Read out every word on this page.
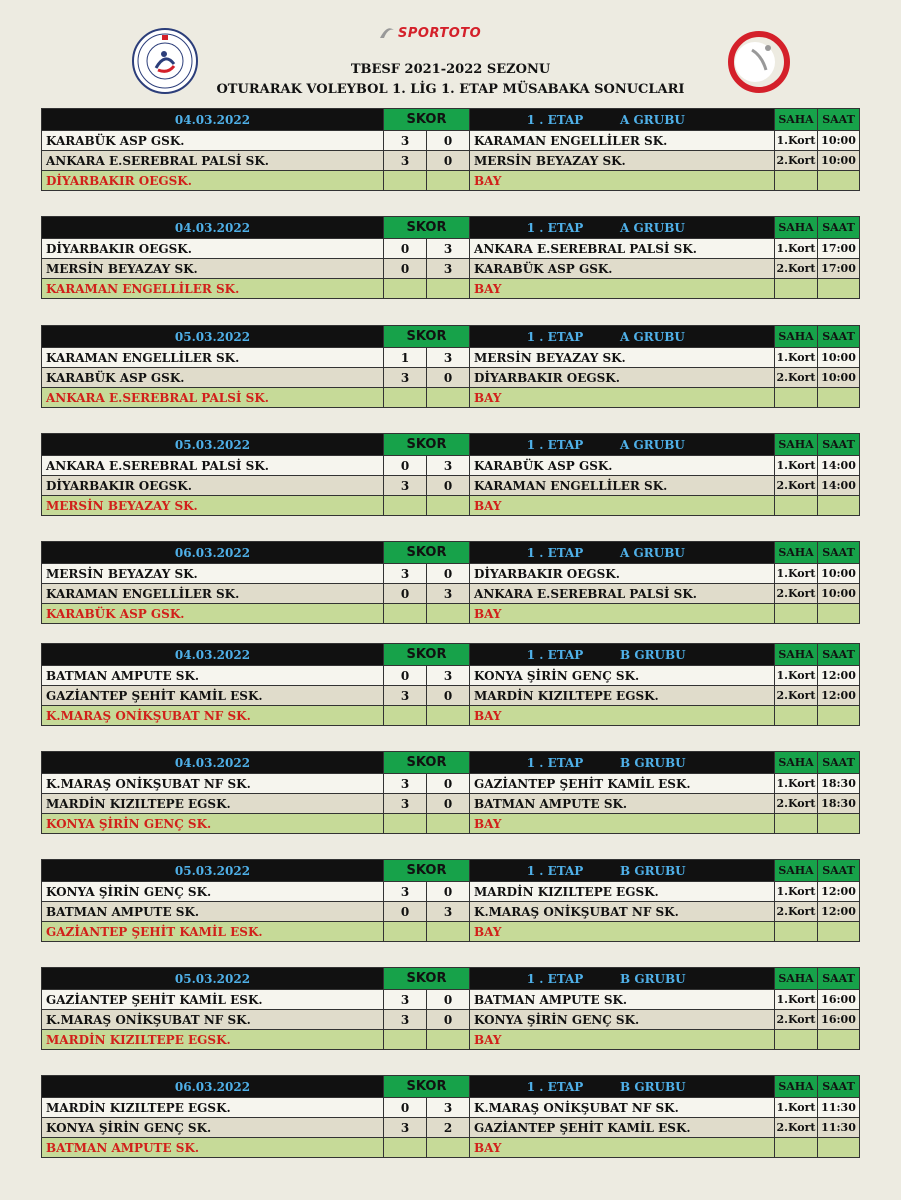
SPORTOTO
TBESF 2021-2022 SEZONU
OTURARAK VOLEYBOL 1. LİG 1. ETAP MÜSABAKA SONUCLARI
04.03.2022	SKOR		1 . ETAP A GRUBU	SAHA	SAAT
KARABÜK ASP GSK.	3	0	KARAMAN ENGELLİLER SK.	1.Kort	10:00
ANKARA E.SEREBRAL PALSİ SK.	3	0	MERSİN BEYAZAY SK.	2.Kort	10:00
DİYARBAKIR OEGSK.			BAY		
04.03.2022	SKOR		1 . ETAP A GRUBU	SAHA	SAAT
DİYARBAKIR OEGSK.	0	3	ANKARA E.SEREBRAL PALSİ SK.	1.Kort	17:00
MERSİN BEYAZAY SK.	0	3	KARABÜK ASP GSK.	2.Kort	17:00
KARAMAN ENGELLİLER SK.			BAY		
05.03.2022	SKOR		1 . ETAP A GRUBU	SAHA	SAAT
KARAMAN ENGELLİLER SK.	1	3	MERSİN BEYAZAY SK.	1.Kort	10:00
KARABÜK ASP GSK.	3	0	DİYARBAKIR OEGSK.	2.Kort	10:00
ANKARA E.SEREBRAL PALSİ SK.			BAY		
05.03.2022	SKOR		1 . ETAP A GRUBU	SAHA	SAAT
ANKARA E.SEREBRAL PALSİ SK.	0	3	KARABÜK ASP GSK.	1.Kort	14:00
DİYARBAKIR OEGSK.	3	0	KARAMAN ENGELLİLER SK.	2.Kort	14:00
MERSİN BEYAZAY SK.			BAY		
06.03.2022	SKOR		1 . ETAP A GRUBU	SAHA	SAAT
MERSİN BEYAZAY SK.	3	0	DİYARBAKIR OEGSK.	1.Kort	10:00
KARAMAN ENGELLİLER SK.	0	3	ANKARA E.SEREBRAL PALSİ SK.	2.Kort	10:00
KARABÜK ASP GSK.			BAY		
04.03.2022	SKOR		1 . ETAP B GRUBU	SAHA	SAAT
BATMAN AMPUTE SK.	0	3	KONYA ŞİRİN GENÇ SK.	1.Kort	12:00
GAZİANTEP ŞEHİT KAMİL ESK.	3	0	MARDİN KIZILTEPE EGSK.	2.Kort	12:00
K.MARAŞ ONİKŞUBAT NF SK.			BAY		
04.03.2022	SKOR		1 . ETAP B GRUBU	SAHA	SAAT
K.MARAŞ ONİKŞUBAT NF SK.	3	0	GAZİANTEP ŞEHİT KAMİL ESK.	1.Kort	18:30
MARDİN KIZILTEPE EGSK.	3	0	BATMAN AMPUTE SK.	2.Kort	18:30
KONYA ŞİRİN GENÇ SK.			BAY		
05.03.2022	SKOR		1 . ETAP B GRUBU	SAHA	SAAT
KONYA ŞİRİN GENÇ SK.	3	0	MARDİN KIZILTEPE EGSK.	1.Kort	12:00
BATMAN AMPUTE SK.	0	3	K.MARAŞ ONİKŞUBAT NF SK.	2.Kort	12:00
GAZİANTEP ŞEHİT KAMİL ESK.			BAY		
05.03.2022	SKOR		1 . ETAP B GRUBU	SAHA	SAAT
GAZİANTEP ŞEHİT KAMİL ESK.	3	0	BATMAN AMPUTE SK.	1.Kort	16:00
K.MARAŞ ONİKŞUBAT NF SK.	3	0	KONYA ŞİRİN GENÇ SK.	2.Kort	16:00
MARDİN KIZILTEPE EGSK.			BAY		
06.03.2022	SKOR		1 . ETAP B GRUBU	SAHA	SAAT
MARDİN KIZILTEPE EGSK.	0	3	K.MARAŞ ONİKŞUBAT NF SK.	1.Kort	11:30
KONYA ŞİRİN GENÇ SK.	3	2	GAZİANTEP ŞEHİT KAMİL ESK.	2.Kort	11:30
BATMAN AMPUTE SK.			BAY		
